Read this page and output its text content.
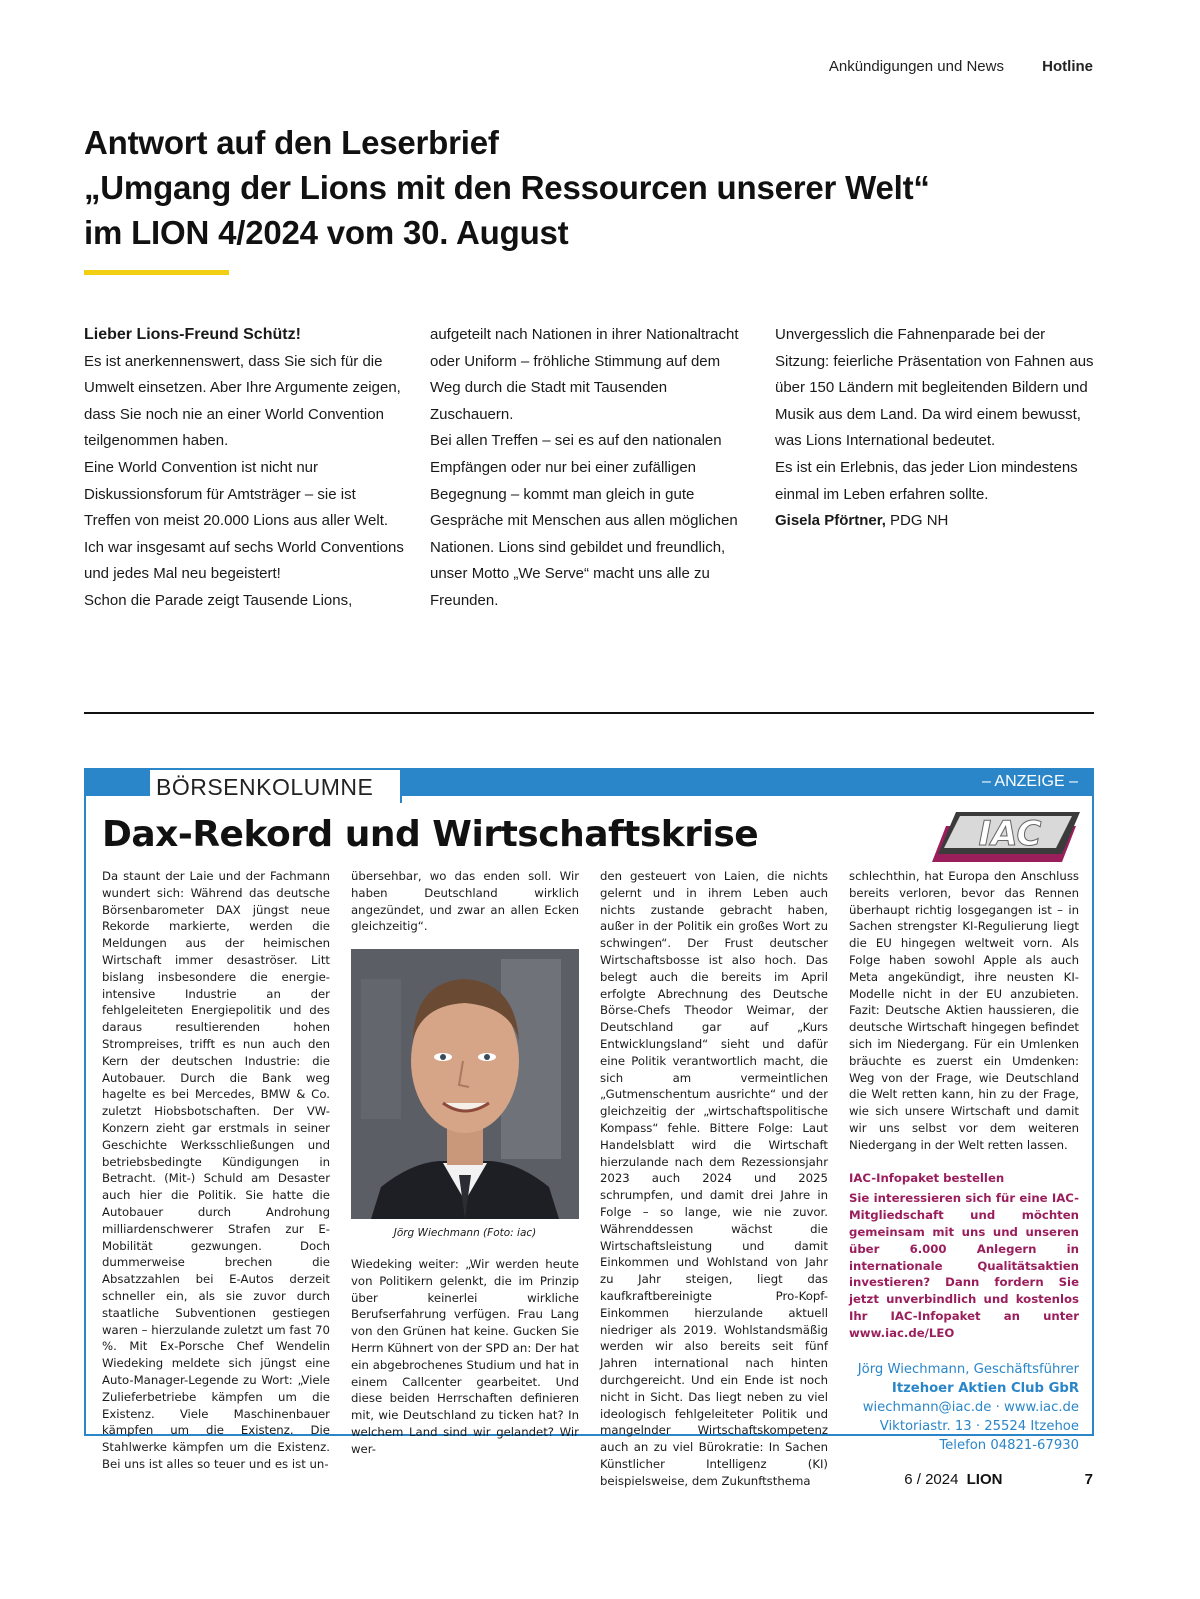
Ankündigungen und News	Hotline
Antwort auf den Leserbrief
„Umgang der Lions mit den Ressourcen unserer Welt“
im LION 4/2024 vom 30. August

Lieber Lions-Freund Schütz!

Es ist anerkennenswert, dass Sie sich für die Umwelt einsetzen. Aber Ihre Argumente zeigen, dass Sie noch nie an einer World Convention teilgenommen haben.

Eine World Convention ist nicht nur Diskussionsforum für Amtsträger – sie ist Treffen von meist 20.000 Lions aus aller Welt. Ich war insgesamt auf sechs World Conventions und jedes Mal neu begeistert!

Schon die Parade zeigt Tausende Lions,

aufgeteilt nach Nationen in ihrer Nationaltracht oder Uniform – fröhliche Stimmung auf dem Weg durch die Stadt mit Tausenden Zuschauern.

Bei allen Treffen – sei es auf den nationalen Empfängen oder nur bei einer zufälligen Begegnung – kommt man gleich in gute Gespräche mit Menschen aus allen möglichen Nationen. Lions sind gebildet und freundlich, unser Motto „We Serve“ macht uns alle zu Freunden.

Unvergesslich die Fahnenparade bei der Sitzung: feierliche Präsentation von Fahnen aus über 150 Ländern mit begleitenden Bildern und Musik aus dem Land. Da wird einem bewusst, was Lions International bedeutet.

Es ist ein Erlebnis, das jeder Lion mindestens einmal im Leben erfahren sollte.

Gisela Pförtner, PDG NH

BÖRSENKOLUMNE	– ANZEIGE –
Dax-Rekord und Wirtschaftskrise	IAC

Da staunt der Laie und der Fachmann wundert sich: Während das deutsche Börsenbarometer DAX jüngst neue Rekorde markierte, werden die Meldungen aus der heimischen Wirtschaft immer desaströser. Litt bislang insbesondere die energie-intensive Industrie an der fehlgeleiteten Energiepolitik und des daraus resultierenden hohen Strompreises, trifft es nun auch den Kern der deutschen Industrie: die Autobauer. Durch die Bank weg hagelte es bei Mercedes, BMW & Co. zuletzt Hiobsbotschaften. Der VW-Konzern zieht gar erstmals in seiner Geschichte Werksschließungen und betriebsbedingte Kündigungen in Betracht. (Mit-) Schuld am Desaster auch hier die Politik. Sie hatte die Autobauer durch Androhung milliardenschwerer Strafen zur E-Mobilität gezwungen. Doch dummerweise brechen die Absatzzahlen bei E-Autos derzeit schneller ein, als sie zuvor durch staatliche Subventionen gestiegen waren – hierzulande zuletzt um fast 70 %. Mit Ex-Porsche Chef Wendelin Wiedeking meldete sich jüngst eine Auto-Manager-Legende zu Wort: „Viele Zulieferbetriebe kämpfen um die Existenz. Viele Maschinenbauer kämpfen um die Existenz. Die Stahlwerke kämpfen um die Existenz. Bei uns ist alles so teuer und es ist un-

übersehbar, wo das enden soll. Wir haben Deutschland wirklich angezündet, und zwar an allen Ecken gleichzeitig“.

Jörg Wiechmann (Foto: iac)

Wiedeking weiter: „Wir werden heute von Politikern gelenkt, die im Prinzip über keinerlei wirkliche Berufserfahrung verfügen. Frau Lang von den Grünen hat keine. Gucken Sie Herrn Kühnert von der SPD an: Der hat ein abgebrochenes Studium und hat in einem Callcenter gearbeitet. Und diese beiden Herrschaften definieren mit, wie Deutschland zu ticken hat? In welchem Land sind wir gelandet? Wir wer-

den gesteuert von Laien, die nichts gelernt und in ihrem Leben auch nichts zustande gebracht haben, außer in der Politik ein großes Wort zu schwingen“. Der Frust deutscher Wirtschaftsbosse ist also hoch. Das belegt auch die bereits im April erfolgte Abrechnung des Deutsche Börse-Chefs Theodor Weimar, der Deutschland gar auf „Kurs Entwicklungsland“ sieht und dafür eine Politik verantwortlich macht, die sich am vermeintlichen „Gutmenschentum ausrichte“ und der gleichzeitig der „wirtschaftspolitische Kompass“ fehle. Bittere Folge: Laut Handelsblatt wird die Wirtschaft hierzulande nach dem Rezessionsjahr 2023 auch 2024 und 2025 schrumpfen, und damit drei Jahre in Folge – so lange, wie nie zuvor. Währenddessen wächst die Wirtschaftsleistung und damit Einkommen und Wohlstand von Jahr zu Jahr steigen, liegt das kaufkraftbereinigte Pro-Kopf-Einkommen hierzulande aktuell niedriger als 2019. Wohlstandsmäßig werden wir also bereits seit fünf Jahren international nach hinten durchgereicht. Und ein Ende ist noch nicht in Sicht. Das liegt neben zu viel ideologisch fehlgeleiteter Politik und mangelnder Wirtschaftskompetenz auch an zu viel Bürokratie: In Sachen Künstlicher Intelligenz (KI) beispielsweise, dem Zukunftsthema

schlechthin, hat Europa den Anschluss bereits verloren, bevor das Rennen überhaupt richtig losgegangen ist – in Sachen strengster KI-Regulierung liegt die EU hingegen weltweit vorn. Als Folge haben sowohl Apple als auch Meta angekündigt, ihre neusten KI-Modelle nicht in der EU anzubieten. Fazit: Deutsche Aktien haussieren, die deutsche Wirtschaft hingegen befindet sich im Niedergang. Für ein Umlenken bräuchte es zuerst ein Umdenken: Weg von der Frage, wie Deutschland die Welt retten kann, hin zu der Frage, wie sich unsere Wirtschaft und damit wir uns selbst vor dem weiteren Niedergang in der Welt retten lassen.

IAC-Infopaket bestellen

Sie interessieren sich für eine IAC-Mitgliedschaft und möchten gemeinsam mit uns und unseren über 6.000 Anlegern in internationale Qualitätsaktien investieren? Dann fordern Sie jetzt unverbindlich und kostenlos Ihr IAC-Infopaket an unter www.iac.de/LEO

Jörg Wiechmann, Geschäftsführer
Itzehoer Aktien Club GbR
wiechmann@iac.de · www.iac.de
Viktoriastr. 13 · 25524 Itzehoe
Telefon 04821-67930
6 / 2024 LION	7
